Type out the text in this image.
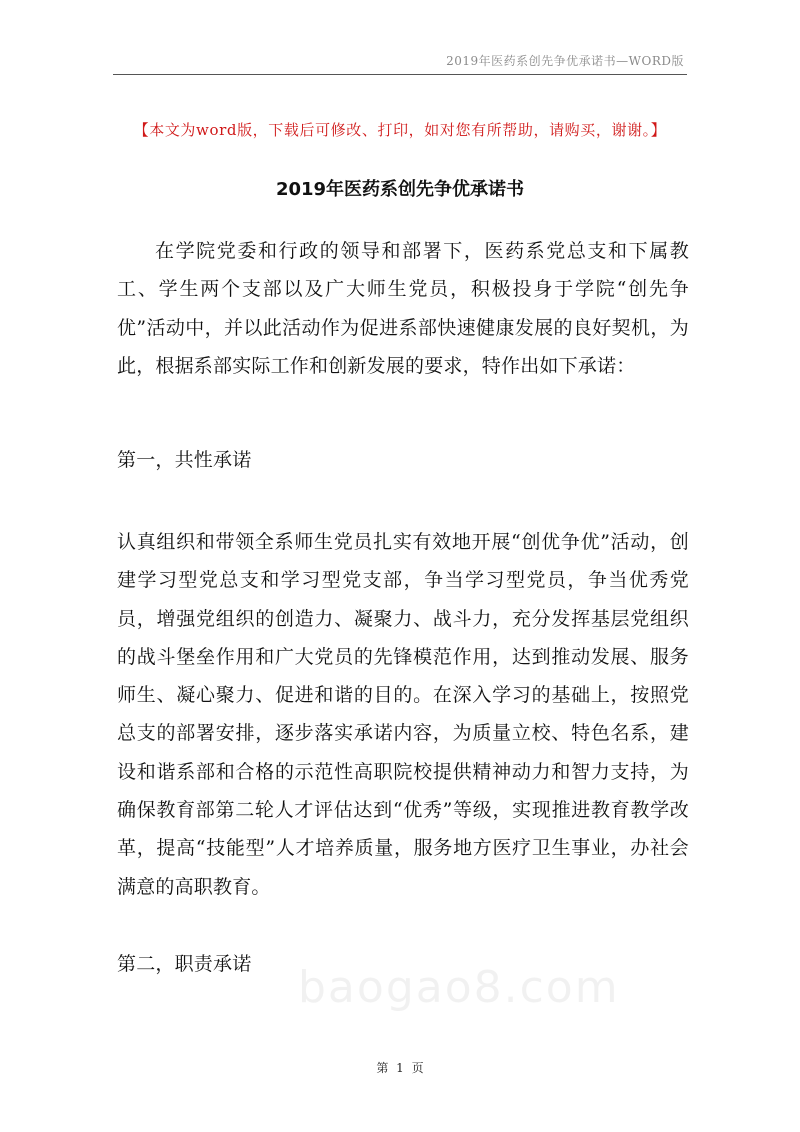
2019年医药系创先争优承诺书—WORD版
【本文为word版，下载后可修改、打印，如对您有所帮助，请购买，谢谢。】
2019年医药系创先争优承诺书

在学院党委和行政的领导和部署下，医药系党总支和下属教工、学生两个支部以及广大师生党员，积极投身于学院“创先争优”活动中，并以此活动作为促进系部快速健康发展的良好契机，为此，根据系部实际工作和创新发展的要求，特作出如下承诺：

第一，共性承诺

认真组织和带领全系师生党员扎实有效地开展“创优争优”活动，创建学习型党总支和学习型党支部，争当学习型党员，争当优秀党员，增强党组织的创造力、凝聚力、战斗力，充分发挥基层党组织的战斗堡垒作用和广大党员的先锋模范作用，达到推动发展、服务师生、凝心聚力、促进和谐的目的。在深入学习的基础上，按照党总支的部署安排，逐步落实承诺内容，为质量立校、特色名系，建设和谐系部和合格的示范性高职院校提供精神动力和智力支持，为确保教育部第二轮人才评估达到“优秀”等级，实现推进教育教学改革，提高“技能型”人才培养质量，服务地方医疗卫生事业，办社会满意的高职教育。

第二，职责承诺	baogao8.com
第 1 页
